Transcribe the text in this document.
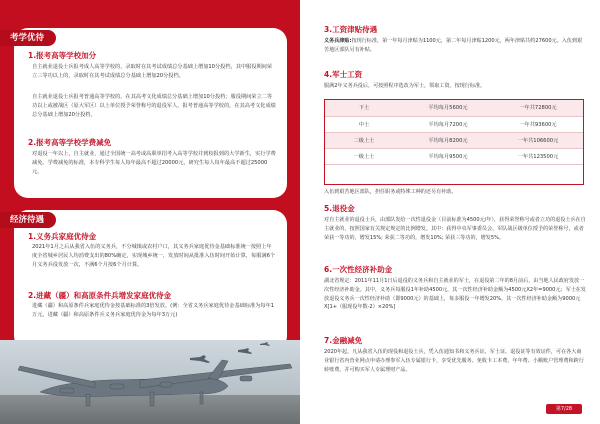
考学优待
1.报考高等学校加分
自主就业退役士兵报考成人高等学校的，录取时在其考试成绩总分基础上增加10分投档，其中服役期间荣立三等功以上的，录取时在其考试成绩总分基础上增加20分投档。
自主就业退役士兵报考普通高等学校的，在其高考文化成绩总分基础上增加10分投档；服役期间荣立二等功以上或被战区（原大军区）以上单位授予荣誉称号的退役军人，报考普通高等学校的，在其高考文化成绩总分基础上增加20分投档。
2.报考高等学校学费减免
对退役一年以上，自主就业，通过全国统一高考或高职单招考入高等学校并到校报到的大学新生，实行学费减免。学费减免的标准，本专科学生每人每年最高不超过20000元，研究生每人每年最高不超过25000元。
经济待遇
1.义务兵家庭优待金
2021年1月之后从我省入伍的义务兵，不分城镇或农村户口，其义务兵家庭优待金基础标准统一按照上年度全省城乡居民人均消费支出的80%确定，实现城乡统一，发放时间从批准入伍时间开始计算，每服满6个月义务兵役发放一次，不满6个月按6个月计算。
2.进藏（疆）和高原条件兵增发家庭优待金
进藏（疆）和高原条件兵家庭优待金按基础标准的3倍发放。(例：全省义务兵家庭优待金基础标准为每年1万元，进藏（疆）和高原条件兵义务兵家庭优待金为每年3万元)
3.工资津贴待遇
义务兵津贴:按现行标准，第一年每月津贴为1100元，第二年每月津贴1200元，两年津贴共约27600元。入伍到艰苦地区部队另有补贴。
4.军士工资
服满2年义务兵役后，可按照程序选改为军士，领取工资。按现行标准。
下士	平均每月5600元	一年共72800元
中士	平均每月7200元	一年共93600元
二级上士	平均每月8200元	一年共106600元
一级上士	平均每月9500元	一年共123500元
入伍到艰苦地区部队，担任职务或特殊工种的还另有补助。
5.退役金
对自主就业的退役士兵，由部队发给一次性退役金（目前标准为4500元/年），获得荣誉称号或者立功的退役士兵在自主就业的，按照国家有关规定规定的比例增发。其中：获得中央军事委员会、军队战区级单位授予的荣誉称号，或者荣获一等功的，增发15%; 荣获二等功的，增发10%; 荣获三等功的，增发5%。
6.一次性经济补助金
湖北省规定：2011年11月1日后退役的义务兵和自主就业的军士，在退役第二年的8月前后，由当地人民政府发放一次性经济补助金。其中，义务兵每服役1年补助4500元，其一次性经济补助金额为4500元X2年=9000元；军士在发放退役义务兵一次性经济补助（即9000元）的基础上，每多服役一年增发20%，其一次性经济补助金额为9000元X[1+（服现役年数-2）×20%]
7.金融减免
2020年起，凡从我省入伍的现役和退役士兵，凭入伍通知书和义务兵证、军士证、退役证等有效证件，可在各大商业银行省内营业网点申请办理参军入伍专属银行卡，享受优先服务、免收卡工本费、年年费、小额账户管理费和跨行转账费，并可购买军人专属理财产品。
第7/28
